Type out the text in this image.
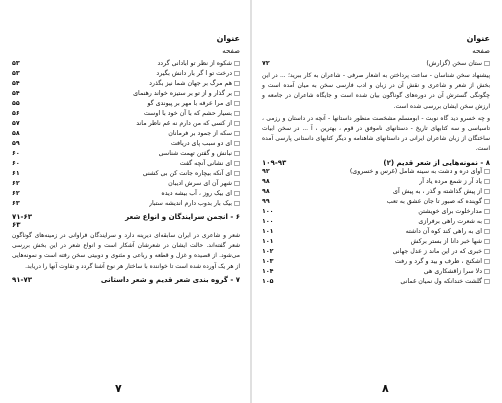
عنوان
صفحه
□ شکوه از نظر تو ابادانی گردد
۵۳
□ درخت تو ا گر بار دانش بگیرد
۵۳
□ هم مرگ بر جهان شما نیز بگذرد
۵۴
□ بر گذار و از تو بر ستیزه خواند رهنمای
۵۴
□ ای مرا عرفه با مهر بر پیوندی گو
۵۵
□ بسیار حشم که با آن خود با اوست
۵۶
□ از کسی که من دارم نه غم ناظر ماند
۵۷
□ سکه از جمود بر فرمانان
۵۸
□ ای دو سبب پای دریافت
۵۹
□ نبانش و گفتن تهمت شناسی
۶۰
□ ای نشانی آنچه گفت
۶۰
□ ای آنکه بیچاره جانت کن بی کشنی
۶۱
□ شهر آن ای سرش ادیبان
۶۲
□ ای بیک روز ، آب بیشه دیده
۶۲
□ بیک بار بدوب دارم اندیشه ستبار
۶۳
۶ - انجمن سرایندگان و انواع شعر
۷۱-۶۳
۶۳
شعر و شاعری در ایران سابقه‌ای دیرینه دارد و سرایندگان فراوانی در زمینه‌های گوناگون شعر گفته‌اند. حالت ایشان در شعرشان آشکار است و انواع شعر در این بخش بررسی می‌شود. از قصیده و غزل و قطعه و رباعی و مثنوی و دوبیتی سخن رفته است و نمونه‌هایی از هر یک آورده شده است تا خواننده با ساختار هر نوع آشنا گردد و تفاوت آنها را دریابد.
۷ - گروه بندی شعر قدیم و شعر داستانی
۹۱-۷۳
۷
عنوان
صفحه
□ ستان سخن (گزارش)
۷۲
پیشنهاد سخن شناسان - ساعت پرداختن به اشعار صرفی - شاعران به کار ببرید؛ ... در این بخش از شعر و شاعری و نقش آن در زبان و ادب فارسی سخن به میان آمده است و چگونگی گسترش آن در دوره‌های گوناگون بیان شده است و جایگاه شاعران در جامعه و ارزش سخن ایشان بررسی شده است.
و چه خسرو دید گاه نوبت - ابومسلم مشخصت منظور داستانها - آنچه در داستان و رزمی ، تاسیاسی و سه کتابهای تاریخ - دستانهای ناموفق در قوم ، بهترین ، آ ... در سخن ابیات ساختگان از زبان شاعران ایرانی در داستانهای شاهنامه و دیگر کتابهای داستانی پارسی آمده است.
۸ - نمونه‌هایی از شعر قدیم (۲)
۱۰۹-۹۳
□ آوای دره و دشت به سینه شامل (غرس و خسروی)
۹۲
□ یاد آر ز شمع مرده یاد آر
۹۸
□ از پیش گذاشته و گذر ، به پیش آی
۹۸
□ گوینده که صبور تا جان عشق به تعب
۹۹
□ مدارخلوت برای خویشتن
۱۰۰
□ به شعرت راهی برفرازی
۱۰۰
□ ای به راهی کند کوه آن داشته
۱۰۱
□ شها خبر دانا از بستر برکش
۱۰۱
□ خبری که در این ماند ز عدل جهانی
۱۰۲
□ اشکنج ، ظرف و بید و گرد و رفت
۱۰۳
□ دلا سرا زاقشکاری هی
۱۰۴
□ گلشت خندانکه ول نمیان غمانی
۱۰۵
۸
